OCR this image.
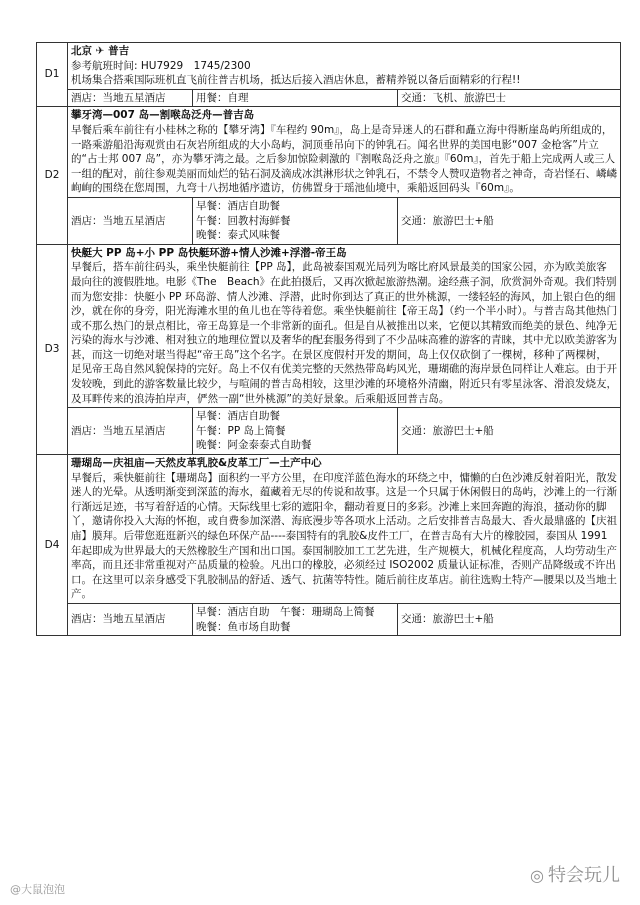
D1	北京 ✈ 普吉
参考航班时间: HU7929　1745/2300
机场集合搭乘国际班机直飞前往普吉机场，抵达后接入酒店休息，蓄精养锐以备后面精彩的行程!!		

	酒店：当地五星酒店	用餐：自理	交通：飞机、旅游巴士
D2	攀牙湾—007 岛—割喉岛泛舟—普吉岛
早餐后乘车前往有小桂林之称的【攀牙湾】『车程约 90m』，岛上是奇异迷人的石群和矗立海中得断崖岛屿所组成的，一路乘游船沿海观赏由石灰岩所组成的大小岛屿，洞顶垂吊向下的钟乳石。闻名世界的美国电影“007 金枪客”片立的“占士邦 007 岛”，亦为攀牙湾之最。之后参加惊险刺激的『割喉岛泛舟之旅』『60m』，首先于船上完成两人或三人一组的配对，前往参观美丽而灿烂的钻石洞及滴成冰淇淋形状之钟乳石，不禁令人赞叹造物者之神奇，奇岩怪石、嶙嶙峋峋的围绕在您周围，九弯十八拐地循序遗访，仿佛置身于瑶池仙境中，乘船返回码头『60m』。		

	酒店：当地五星酒店	早餐：酒店自助餐
午餐：回教村海鲜餐
晚餐：泰式风味餐	交通：旅游巴士+船
D3	快艇大 PP 岛+小 PP 岛快艇环游+情人沙滩+浮潜-帝王岛
早餐后，搭车前往码头，乘坐快艇前往【PP 岛】，此岛被泰国观光局列为喀比府风景最美的国家公园，亦为欧美旅客最向往的渡假胜地。电影《The　Beach》在此拍摄后，又再次掀起旅游热潮。途经燕子洞，欣赏洞外奇观。我们特别而为您安排：快艇小 PP 环岛游、情人沙滩、浮潜，此时你到达了真正的世外桃源，一缕轻轻的海风，加上银白色的细沙，就在你的身旁，阳光海滩水里的鱼儿也在等待着您。乘坐快艇前往【帝王岛】（约一个半小时）。与普吉岛其他热门或不那么热门的景点相比，帝王岛算是一个非常新的面孔。但是自从被推出以来，它便以其精致而绝美的景色、纯净无污染的海水与沙滩、相对独立的地理位置以及奢华的配套服务得到了不少品味高雅的游客的青睐，其中尤以欧美游客为甚，而这一切绝对堪当得起“帝王岛”这个名字。在景区度假村开发的期间，岛上仅仅砍倒了一棵树，移种了两棵树，足见帝王岛自然风貌保持的完好。岛上不仅有优美完整的天然热带岛屿风光，珊瑚礁的海岸景色同样让人难忘。由于开发较晚，到此的游客数量比较少，与喧闹的普吉岛相较，这里沙滩的环境格外清幽，附近只有零星泳客、滑浪发烧友，及耳畔传来的浪涛拍岸声，俨然一副“世外桃源”的美好景象。后乘船返回普吉岛。		

	酒店：当地五星酒店	早餐：酒店自助餐
午餐：PP 岛上简餐
晚餐：阿金泰泰式自助餐	交通：旅游巴士+船
D4	珊瑚岛—庆祖庙—天然皮革乳胶&皮革工厂—土产中心
早餐后，乘快艇前往【珊瑚岛】面积约一平方公里，在印度洋蓝色海水的环绕之中，慵懒的白色沙滩反射着阳光，散发迷人的光晕。从透明渐变到深蓝的海水，蕴藏着无尽的传说和故事。这是一个只属于休闲假日的岛屿，沙滩上的一行渐行渐远足迹，书写着舒适的心情。天际线里七彩的遮阳伞，翻动着夏日的多彩。沙滩上来回奔跑的海浪，搔动你的脚丫，邀请你投入大海的怀抱，或自费参加深潜、海底漫步等各项水上活动。之后安排普吉岛最大、香火最鼎盛的【庆祖庙】膜拜。后带您逛逛新兴的绿色环保产品----泰国特有的乳胶&皮件工厂，在普吉岛有大片的橡胶园，泰国从 1991 年起即成为世界最大的天然橡胶生产国和出口国。泰国制胶加工工艺先进，生产规模大，机械化程度高，人均劳动生产率高，而且还非常重视对产品质量的检验。凡出口的橡胶，必须经过 ISO2002 质量认证标准，否则产品降级或不许出口。在这里可以亲身感受下乳胶制品的舒适、透气、抗菌等特性。随后前往皮革店。前往选购土特产—腰果以及当地土产。		

	酒店：当地五星酒店	早餐：酒店自助　午餐：珊瑚岛上简餐
晚餐：鱼市场自助餐	交通：旅游巴士+船
@大鼠泡泡
◎ 特会玩儿
